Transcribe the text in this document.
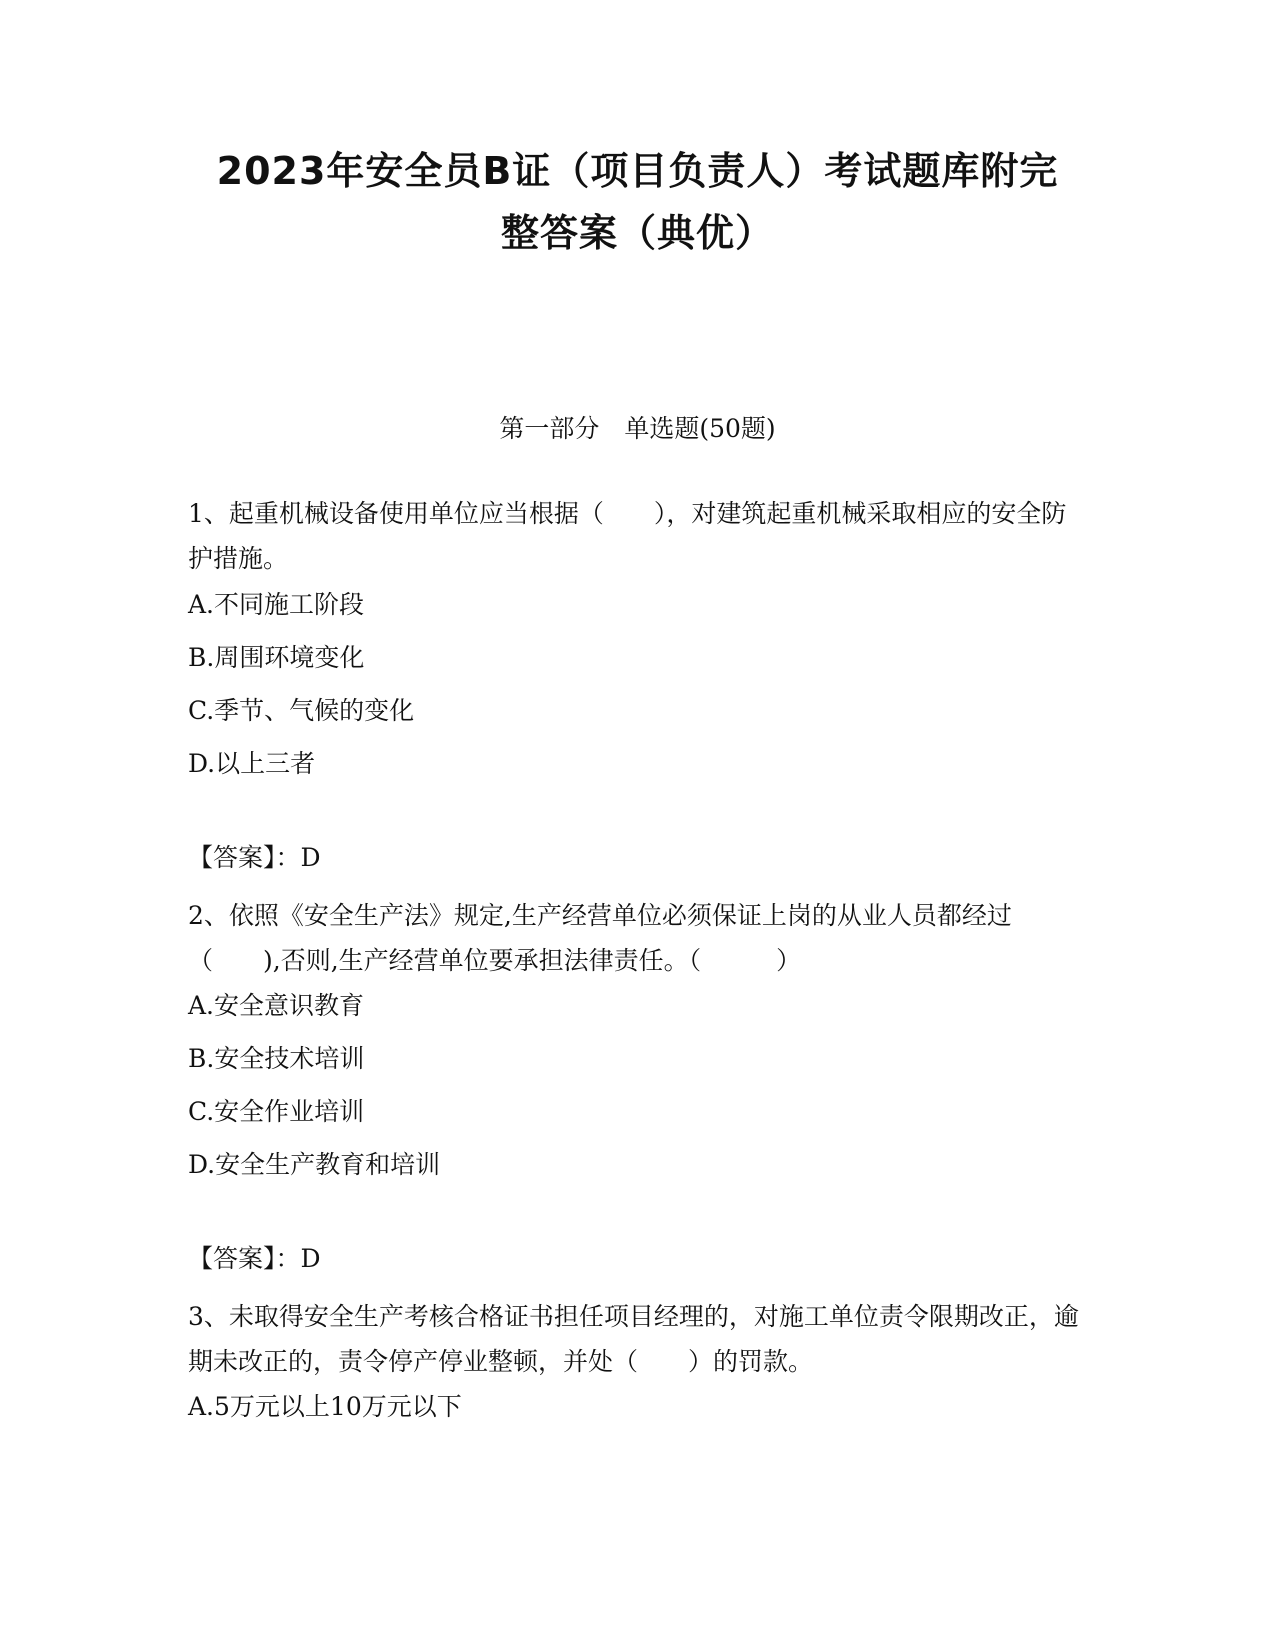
2023年安全员B证（项目负责人）考试题库附完
整答案（典优）
第一部分　单选题(50题)

1、起重机械设备使用单位应当根据（　　），对建筑起重机械采取相应的安全防护措施。

A.不同施工阶段

B.周围环境变化

C.季节、气候的变化

D.以上三者

【答案】：D

2、依照《安全生产法》规定,生产经营单位必须保证上岗的从业人员都经过（　　),否则,生产经营单位要承担法律责任。（　　　）

A.安全意识教育

B.安全技术培训

C.安全作业培训

D.安全生产教育和培训

【答案】：D

3、未取得安全生产考核合格证书担任项目经理的，对施工单位责令限期改正，逾期未改正的，责令停产停业整顿，并处（　　）的罚款。

A.5万元以上10万元以下
